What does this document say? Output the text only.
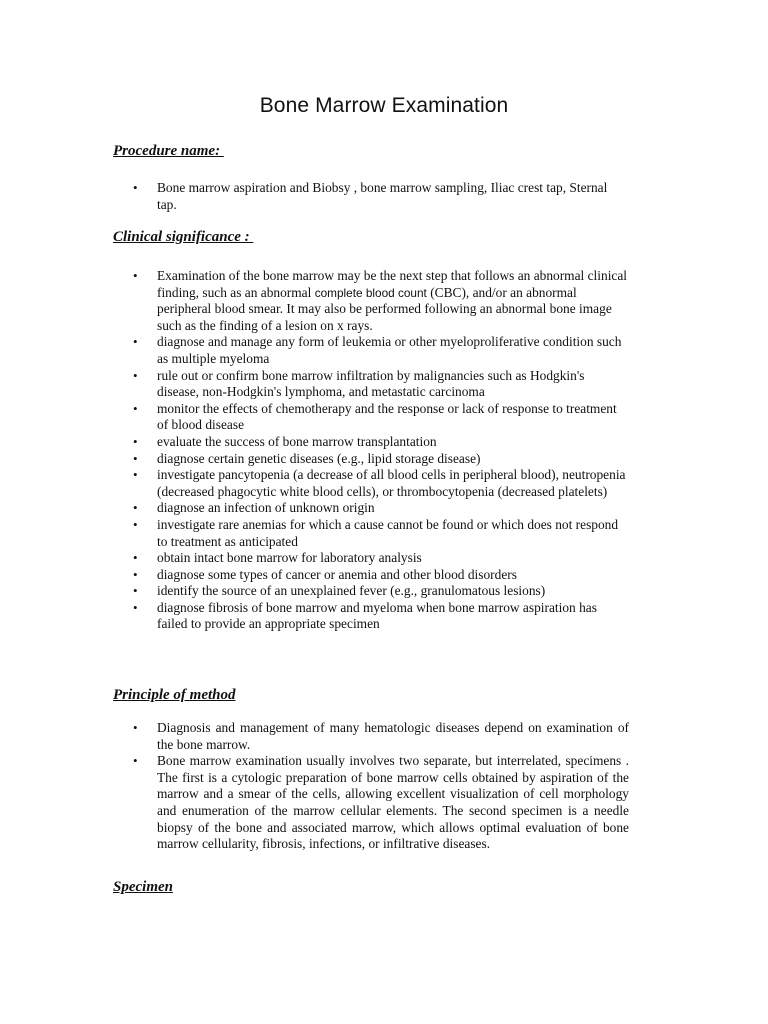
Bone Marrow Examination
Procedure name:
• Bone marrow aspiration and Biobsy , bone marrow sampling, Iliac crest tap, Sternal tap.
Clinical significance :
• Examination of the bone marrow may be the next step that follows an abnormal clinical finding, such as an abnormal complete blood count (CBC), and/or an abnormal peripheral blood smear. It may also be performed following an abnormal bone image such as the finding of a lesion on x rays.
• diagnose and manage any form of leukemia or other myeloproliferative condition such as multiple myeloma
• rule out or confirm bone marrow infiltration by malignancies such as Hodgkin's disease, non-Hodgkin's lymphoma, and metastatic carcinoma
• monitor the effects of chemotherapy and the response or lack of response to treatment of blood disease
• evaluate the success of bone marrow transplantation
• diagnose certain genetic diseases (e.g., lipid storage disease)
• investigate pancytopenia (a decrease of all blood cells in peripheral blood), neutropenia (decreased phagocytic white blood cells), or thrombocytopenia (decreased platelets)
• diagnose an infection of unknown origin
• investigate rare anemias for which a cause cannot be found or which does not respond to treatment as anticipated
• obtain intact bone marrow for laboratory analysis
• diagnose some types of cancer or anemia and other blood disorders
• identify the source of an unexplained fever (e.g., granulomatous lesions)
• diagnose fibrosis of bone marrow and myeloma when bone marrow aspiration has failed to provide an appropriate specimen
Principle of method
• Diagnosis and management of many hematologic diseases depend on examination of the bone marrow.
• Bone marrow examination usually involves two separate, but interrelated, specimens . The first is a cytologic preparation of bone marrow cells obtained by aspiration of the marrow and a smear of the cells, allowing excellent visualization of cell morphology and enumeration of the marrow cellular elements. The second specimen is a needle biopsy of the bone and associated marrow, which allows optimal evaluation of bone marrow cellularity, fibrosis, infections, or infiltrative diseases.
Specimen
